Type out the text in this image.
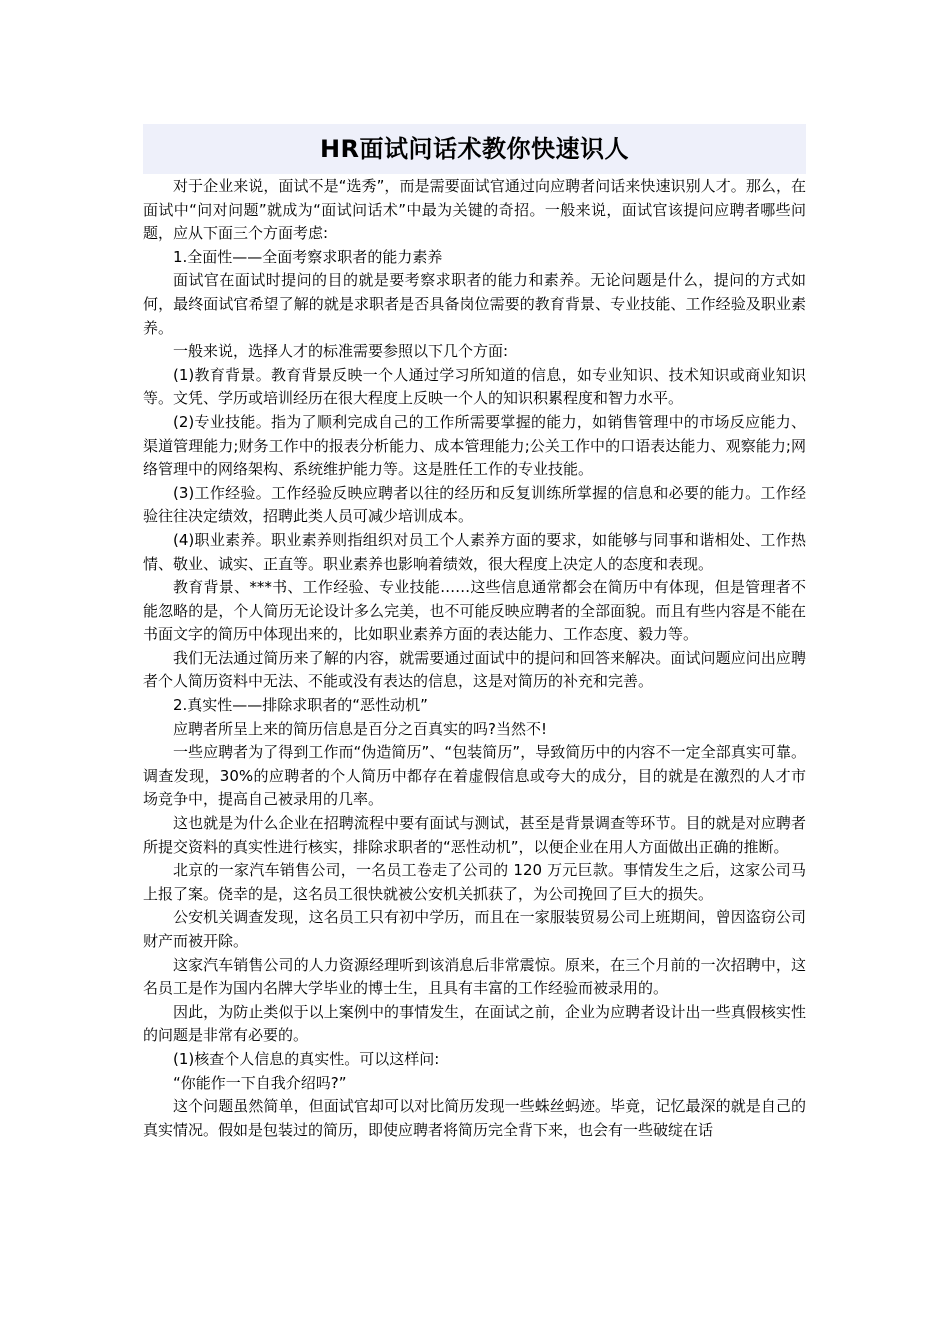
HR面试问话术教你快速识人

对于企业来说，面试不是“选秀”，而是需要面试官通过向应聘者问话来快速识别人才。那么，在面试中“问对问题”就成为“面试问话术”中最为关键的奇招。一般来说，面试官该提问应聘者哪些问题，应从下面三个方面考虑:

1.全面性——全面考察求职者的能力素养

面试官在面试时提问的目的就是要考察求职者的能力和素养。无论问题是什么，提问的方式如何，最终面试官希望了解的就是求职者是否具备岗位需要的教育背景、专业技能、工作经验及职业素养。

一般来说，选择人才的标准需要参照以下几个方面:

(1)教育背景。教育背景反映一个人通过学习所知道的信息，如专业知识、技术知识或商业知识等。文凭、学历或培训经历在很大程度上反映一个人的知识积累程度和智力水平。

(2)专业技能。指为了顺利完成自己的工作所需要掌握的能力，如销售管理中的市场反应能力、渠道管理能力;财务工作中的报表分析能力、成本管理能力;公关工作中的口语表达能力、观察能力;网络管理中的网络架构、系统维护能力等。这是胜任工作的专业技能。

(3)工作经验。工作经验反映应聘者以往的经历和反复训练所掌握的信息和必要的能力。工作经验往往决定绩效，招聘此类人员可减少培训成本。

(4)职业素养。职业素养则指组织对员工个人素养方面的要求，如能够与同事和谐相处、工作热情、敬业、诚实、正直等。职业素养也影响着绩效，很大程度上决定人的态度和表现。

教育背景、***书、工作经验、专业技能……这些信息通常都会在简历中有体现，但是管理者不能忽略的是，个人简历无论设计多么完美，也不可能反映应聘者的全部面貌。而且有些内容是不能在书面文字的简历中体现出来的，比如职业素养方面的表达能力、工作态度、毅力等。

我们无法通过简历来了解的内容，就需要通过面试中的提问和回答来解决。面试问题应问出应聘者个人简历资料中无法、不能或没有表达的信息，这是对简历的补充和完善。

2.真实性——排除求职者的“恶性动机”

应聘者所呈上来的简历信息是百分之百真实的吗?当然不!

一些应聘者为了得到工作而“伪造简历”、“包装简历”，导致简历中的内容不一定全部真实可靠。调查发现，30%的应聘者的个人简历中都存在着虚假信息或夸大的成分，目的就是在激烈的人才市场竞争中，提高自己被录用的几率。

这也就是为什么企业在招聘流程中要有面试与测试，甚至是背景调查等环节。目的就是对应聘者所提交资料的真实性进行核实，排除求职者的“恶性动机”，以便企业在用人方面做出正确的推断。

北京的一家汽车销售公司，一名员工卷走了公司的 120 万元巨款。事情发生之后，这家公司马上报了案。侥幸的是，这名员工很快就被公安机关抓获了，为公司挽回了巨大的损失。

公安机关调查发现，这名员工只有初中学历，而且在一家服装贸易公司上班期间，曾因盗窃公司财产而被开除。

这家汽车销售公司的人力资源经理听到该消息后非常震惊。原来，在三个月前的一次招聘中，这名员工是作为国内名牌大学毕业的博士生，且具有丰富的工作经验而被录用的。

因此，为防止类似于以上案例中的事情发生，在面试之前，企业为应聘者设计出一些真假核实性的问题是非常有必要的。

(1)核查个人信息的真实性。可以这样问:

“你能作一下自我介绍吗?”

这个问题虽然简单，但面试官却可以对比简历发现一些蛛丝蚂迹。毕竟，记忆最深的就是自己的真实情况。假如是包装过的简历，即使应聘者将简历完全背下来，也会有一些破绽在话
